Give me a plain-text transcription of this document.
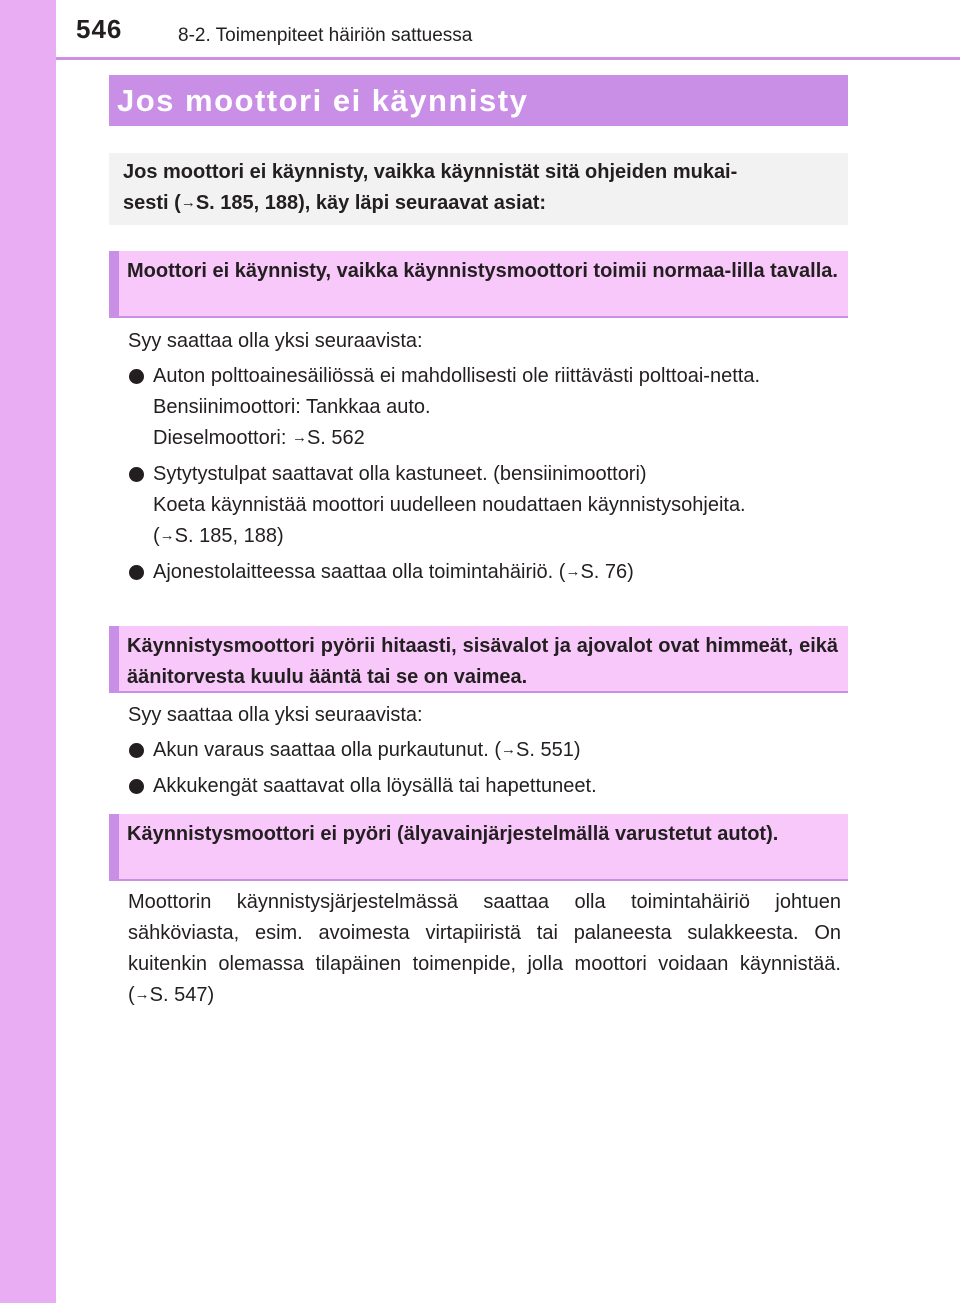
546	8-2. Toimenpiteet häiriön sattuessa
Jos moottori ei käynnisty
Jos moottori ei käynnisty, vaikka käynnistät sitä ohjeiden mukai-
sesti (→S. 185, 188), käy läpi seuraavat asiat:
Moottori ei käynnisty, vaikka käynnistysmoottori toimii normaa-lilla tavalla.

Syy saattaa olla yksi seuraavista:

Auton polttoainesäiliössä ei mahdollisesti ole riittävästi polttoai-netta.
Bensiinimoottori: Tankkaa auto.
Dieselmoottori: →S. 562
Sytytystulpat saattavat olla kastuneet. (bensiinimoottori)
Koeta käynnistää moottori uudelleen noudattaen käynnistysohjeita.
(→S. 185, 188)
Ajonestolaitteessa saattaa olla toimintahäiriö. (→S. 76)
Käynnistysmoottori pyörii hitaasti, sisävalot ja ajovalot ovat himmeät, eikä äänitorvesta kuulu ääntä tai se on vaimea.

Syy saattaa olla yksi seuraavista:

Akun varaus saattaa olla purkautunut. (→S. 551)
Akkukengät saattavat olla löysällä tai hapettuneet.
Käynnistysmoottori ei pyöri (älyavainjärjestelmällä varustetut autot).
Moottorin käynnistysjärjestelmässä saattaa olla toimintahäiriö johtuen sähköviasta, esim. avoimesta virtapiiristä tai palaneesta sulakkeesta. On kuitenkin olemassa tilapäinen toimenpide, jolla moottori voidaan käynnistää. (→S. 547)
